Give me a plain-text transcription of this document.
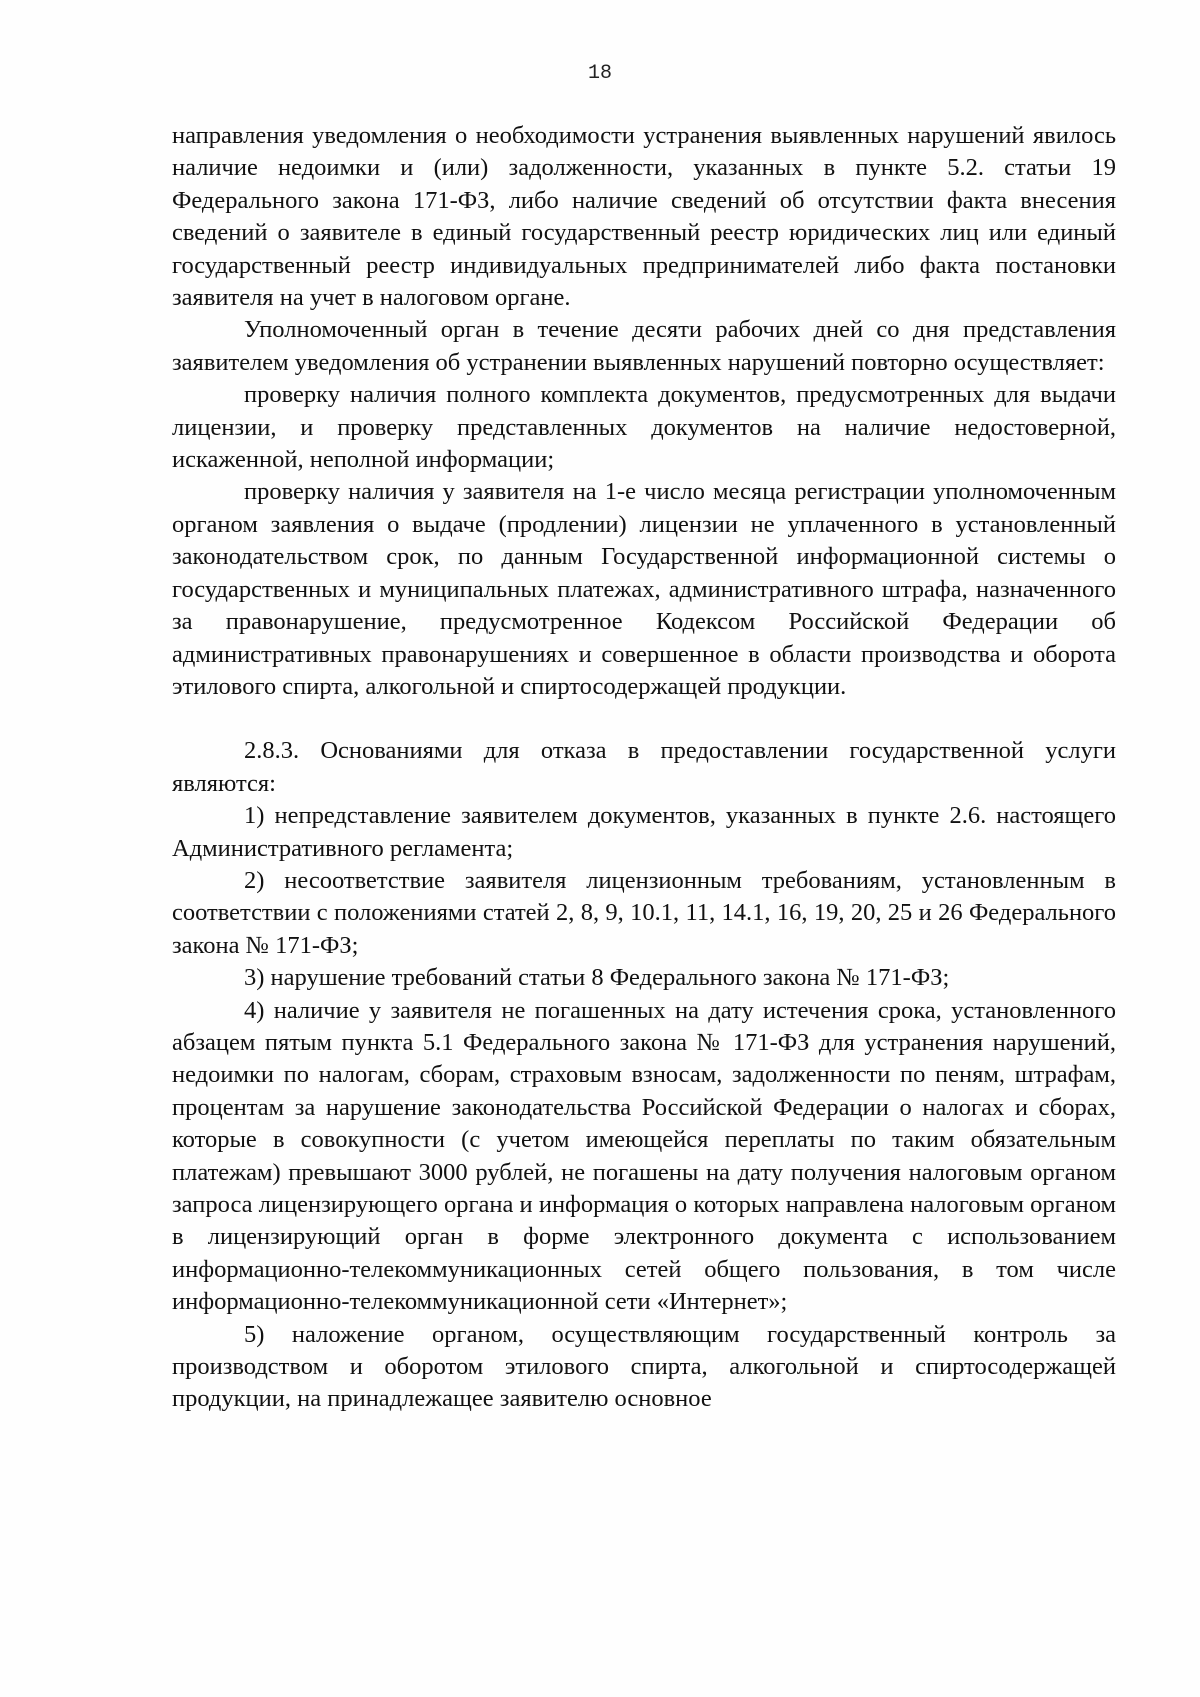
18

направления уведомления о необходимости устранения выявленных нарушений явилось наличие недоимки и (или) задолженности, указанных в пункте 5.2. статьи 19 Федерального закона 171-ФЗ, либо наличие сведений об отсутствии факта внесения сведений о заявителе в единый государственный реестр юридических лиц или единый государственный реестр индивидуальных предпринимателей либо факта постановки заявителя на учет в налоговом органе.

Уполномоченный орган в течение десяти рабочих дней со дня представления заявителем уведомления об устранении выявленных нарушений повторно осуществляет:

проверку наличия полного комплекта документов, предусмотренных для выдачи лицензии, и проверку представленных документов на наличие недостоверной, искаженной, неполной информации;

проверку наличия у заявителя на 1-е число месяца регистрации уполномоченным органом заявления о выдаче (продлении) лицензии не уплаченного в установленный законодательством срок, по данным Государственной информационной системы о государственных и муниципальных платежах, административного штрафа, назначенного за правонарушение, предусмотренное Кодексом Российской Федерации об административных правонарушениях и совершенное в области производства и оборота этилового спирта, алкогольной и спиртосодержащей продукции.

2.8.3. Основаниями для отказа в предоставлении государственной услуги являются:

1) непредставление заявителем документов, указанных в пункте 2.6. настоящего Административного регламента;

2) несоответствие заявителя лицензионным требованиям, установленным в соответствии с положениями статей 2, 8, 9, 10.1, 11, 14.1, 16, 19, 20, 25 и 26 Федерального закона № 171-ФЗ;

3) нарушение требований статьи 8 Федерального закона № 171-ФЗ;

4) наличие у заявителя не погашенных на дату истечения срока, установленного абзацем пятым пункта 5.1 Федерального закона № 171-ФЗ для устранения нарушений, недоимки по налогам, сборам, страховым взносам, задолженности по пеням, штрафам, процентам за нарушение законодательства Российской Федерации о налогах и сборах, которые в совокупности (с учетом имеющейся переплаты по таким обязательным платежам) превышают 3000 рублей, не погашены на дату получения налоговым органом запроса лицензирующего органа и информация о которых направлена налоговым органом в лицензирующий орган в форме электронного документа с использованием информационно-телекоммуникационных сетей общего пользования, в том числе информационно-телекоммуникационной сети «Интернет»;

5) наложение органом, осуществляющим государственный контроль за производством и оборотом этилового спирта, алкогольной и спиртосодержащей продукции, на принадлежащее заявителю основное
